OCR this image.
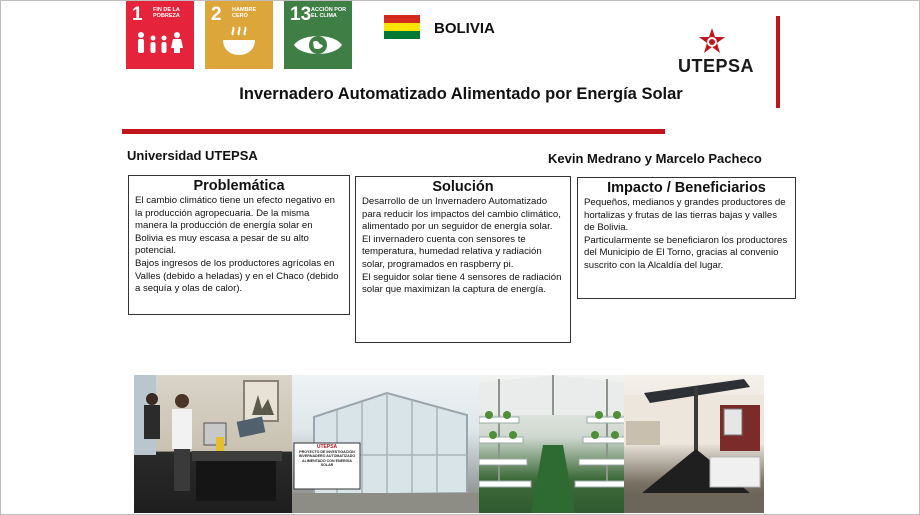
1 FIN DE LA POBREZA	2 HAMBRE CERO	13 ACCIÓN POR EL CLIMA
BOLIVIA
UTEPSA
Invernadero Automatizado Alimentado por Energía Solar
Universidad UTEPSA	Kevin Medrano y Marcelo Pacheco
Problemática

El cambio climático tiene un efecto negativo en la producción agropecuaria. De la misma manera la producción de energía solar en Bolivia es muy escasa a pesar de su alto potencial.

Bajos ingresos de los productores agrícolas en Valles (debido a heladas) y en el Chaco (debido a sequía y olas de calor).

Solución

Desarrollo de un Invernadero Automatizado para reducir los impactos del cambio climático, alimentado por un seguidor de energía solar.

El invernadero cuenta con sensores te temperatura, humedad relativa y radiación solar, programados en raspberry pi.

El seguidor solar tiene 4 sensores de radiación solar que maximizan la captura de energía.

Impacto / Beneficiarios

Pequeños, medianos y grandes productores de hortalizas y frutas de las tierras bajas y valles de Bolivia.

Particularmente se beneficiaron los productores del Municipio de El Torno, gracias al convenio suscrito con la Alcaldía del lugar.

UTEPSA
PROYECTO DE INVESTIGACIÓN
INVERNADERO AUTOMATIZADO ALIMENTADO CON ENERGÍA SOLAR
